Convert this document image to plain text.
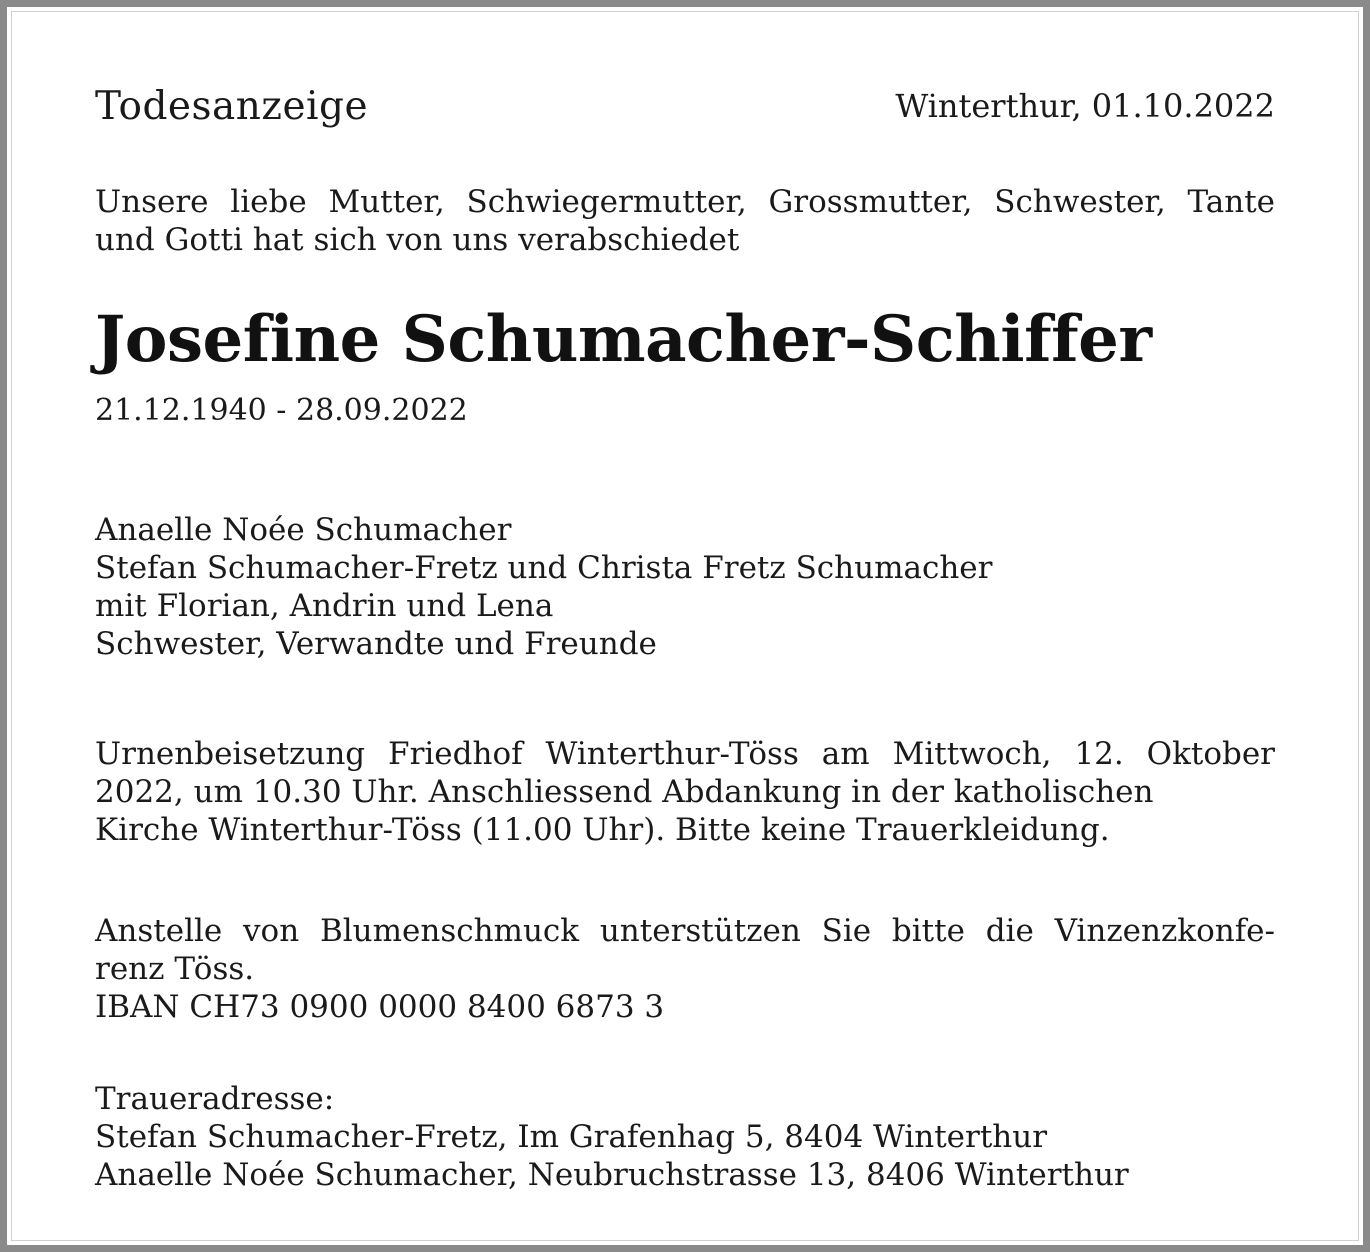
Todesanzeige	Winterthur, 01.10.2022
Unsere liebe Mutter, Schwiegermutter, Grossmutter, Schwester, Tante
und Gotti hat sich von uns verabschiedet
Josefine Schumacher-Schiffer
21.12.1940 - 28.09.2022
Anaelle Noée Schumacher
Stefan Schumacher-Fretz und Christa Fretz Schumacher
mit Florian, Andrin und Lena
Schwester, Verwandte und Freunde
Urnenbeisetzung Friedhof Winterthur-Töss am Mittwoch, 12. Oktober
2022, um 10.30 Uhr. Anschliessend Abdankung in der katholischen
Kirche Winterthur-Töss (11.00 Uhr). Bitte keine Trauerkleidung.
Anstelle von Blumenschmuck unterstützen Sie bitte die Vinzenzkonfe-
renz Töss.
IBAN CH73 0900 0000 8400 6873 3
Traueradresse:
Stefan Schumacher-Fretz, Im Grafenhag 5, 8404 Winterthur
Anaelle Noée Schumacher, Neubruchstrasse 13, 8406 Winterthur
